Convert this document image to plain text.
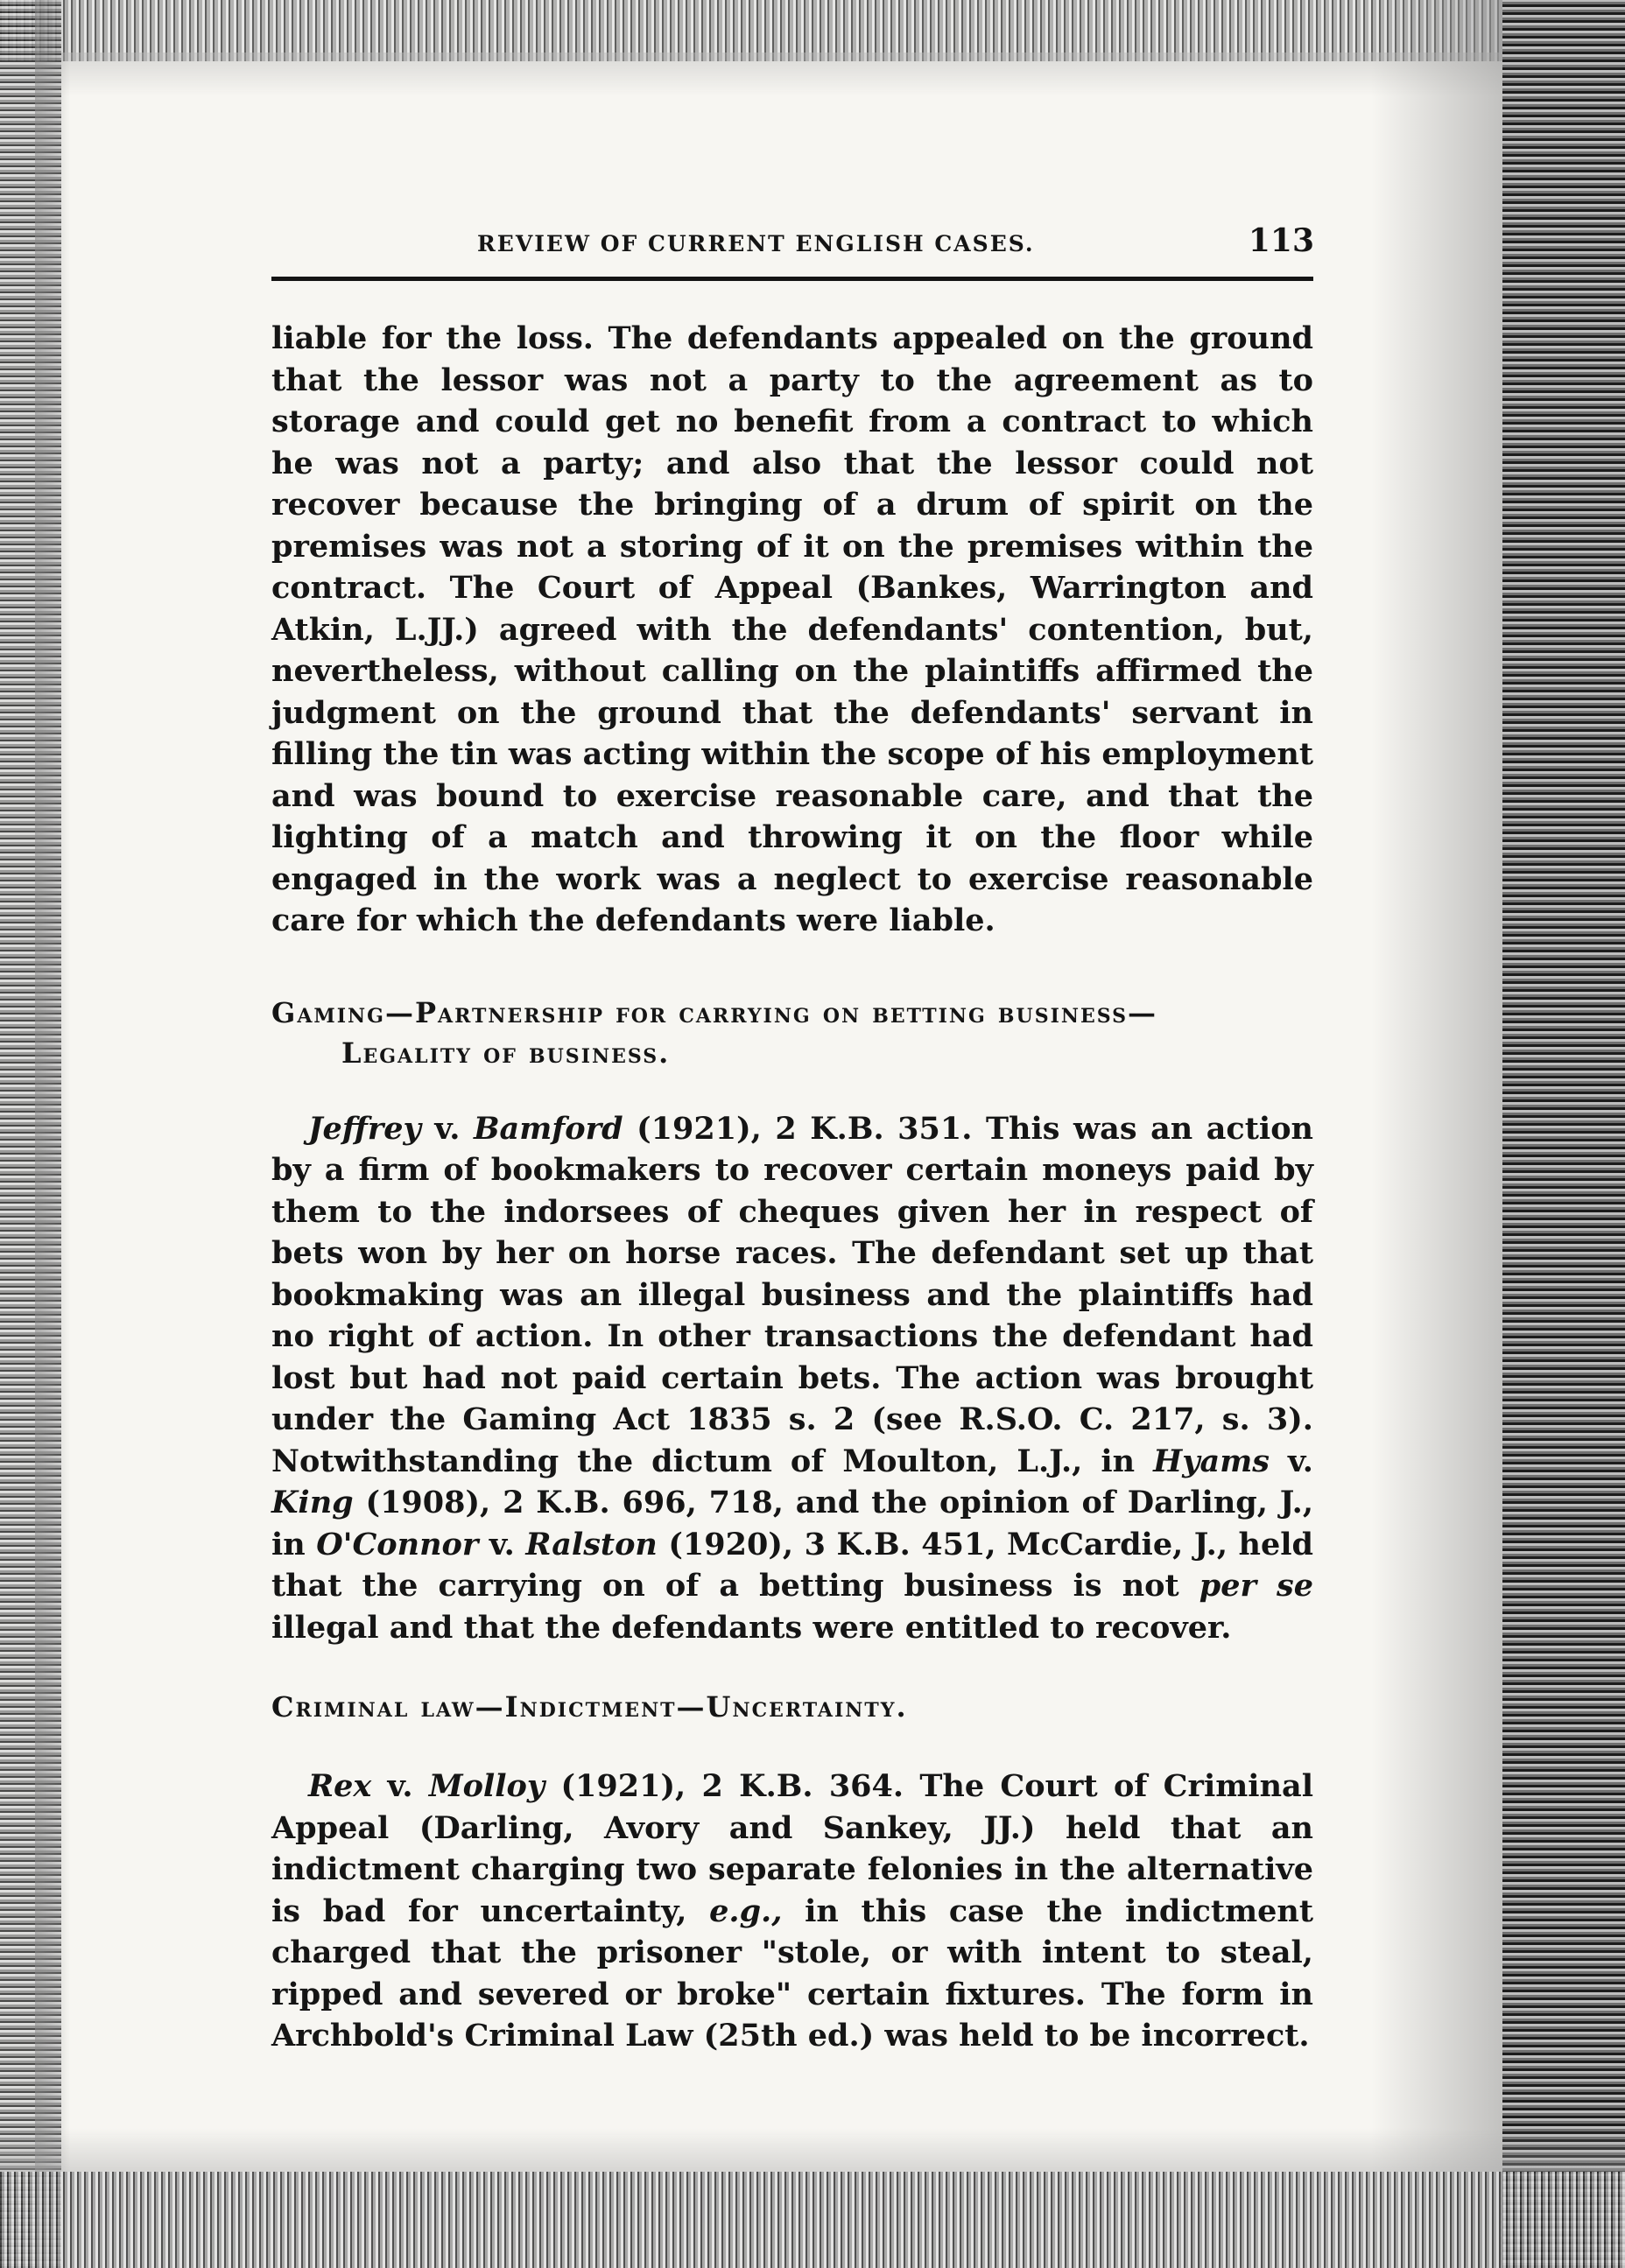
REVIEW OF CURRENT ENGLISH CASES.	113

liable for the loss. The defendants appealed on the ground that the lessor was not a party to the agreement as to storage and could get no benefit from a contract to which he was not a party; and also that the lessor could not recover because the bringing of a drum of spirit on the premises was not a storing of it on the premises within the contract. The Court of Appeal (Bankes, Warrington and Atkin, L.JJ.) agreed with the defendants' contention, but, nevertheless, without calling on the plaintiffs affirmed the judgment on the ground that the defendants' servant in filling the tin was acting within the scope of his employment and was bound to exercise reasonable care, and that the lighting of a match and throwing it on the floor while engaged in the work was a neglect to exercise reasonable care for which the defendants were liable.

Gaming—Partnership for carrying on betting business—
Legality of business.

Jeffrey v. Bamford (1921), 2 K.B. 351. This was an action by a firm of bookmakers to recover certain moneys paid by them to the indorsees of cheques given her in respect of bets won by her on horse races. The defendant set up that bookmaking was an illegal business and the plaintiffs had no right of action. In other transactions the defendant had lost but had not paid certain bets. The action was brought under the Gaming Act 1835 s. 2 (see R.S.O. C. 217, s. 3). Notwithstanding the dictum of Moulton, L.J., in Hyams v. King (1908), 2 K.B. 696, 718, and the opinion of Darling, J., in O'Connor v. Ralston (1920), 3 K.B. 451, McCardie, J., held that the carrying on of a betting business is not per se illegal and that the defendants were entitled to recover.

Criminal law—Indictment—Uncertainty.

Rex v. Molloy (1921), 2 K.B. 364. The Court of Criminal Appeal (Darling, Avory and Sankey, JJ.) held that an indictment charging two separate felonies in the alternative is bad for uncertainty, e.g., in this case the indictment charged that the prisoner "stole, or with intent to steal, ripped and severed or broke" certain fixtures. The form in Archbold's Criminal Law (25th ed.) was held to be incorrect.
